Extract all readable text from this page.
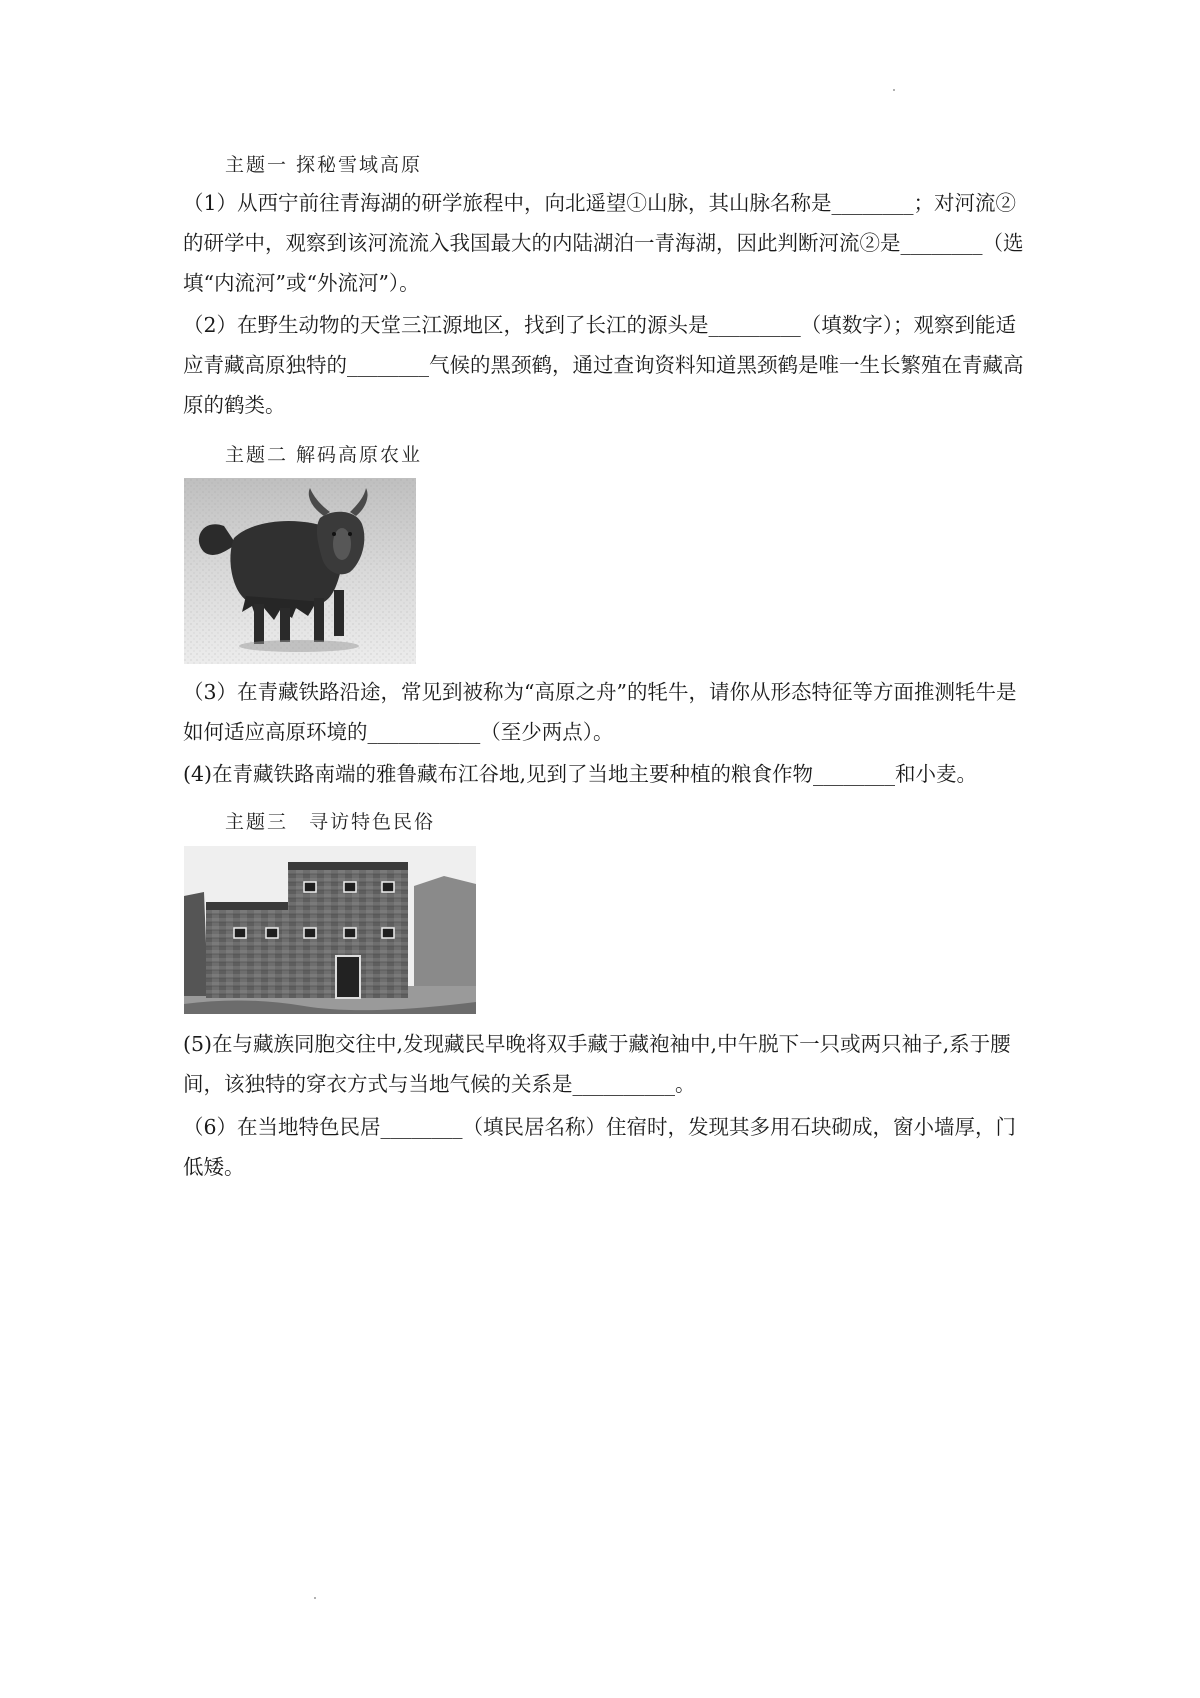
主题一 探秘雪域高原

（1）从西宁前往青海湖的研学旅程中，向北遥望①山脉，其山脉名称是________；对河流②的研学中，观察到该河流流入我国最大的内陆湖泊一青海湖，因此判断河流②是________（选填“内流河”或“外流河”）。

（2）在野生动物的天堂三江源地区，找到了长江的源头是_________（填数字）；观察到能适应青藏高原独特的________气候的黑颈鹤，通过查询资料知道黑颈鹤是唯一生长繁殖在青藏高原的鹤类。

主题二 解码高原农业

（3）在青藏铁路沿途，常见到被称为“高原之舟”的牦牛，请你从形态特征等方面推测牦牛是如何适应高原环境的___________（至少两点）。

(4)在青藏铁路南端的雅鲁藏布江谷地,见到了当地主要种植的粮食作物________和小麦。

主题三　寻访特色民俗

(5)在与藏族同胞交往中,发现藏民早晚将双手藏于藏袍袖中,中午脱下一只或两只袖子,系于腰间，该独特的穿衣方式与当地气候的关系是__________。

（6）在当地特色民居________（填民居名称）住宿时，发现其多用石块砌成，窗小墙厚，门低矮。
